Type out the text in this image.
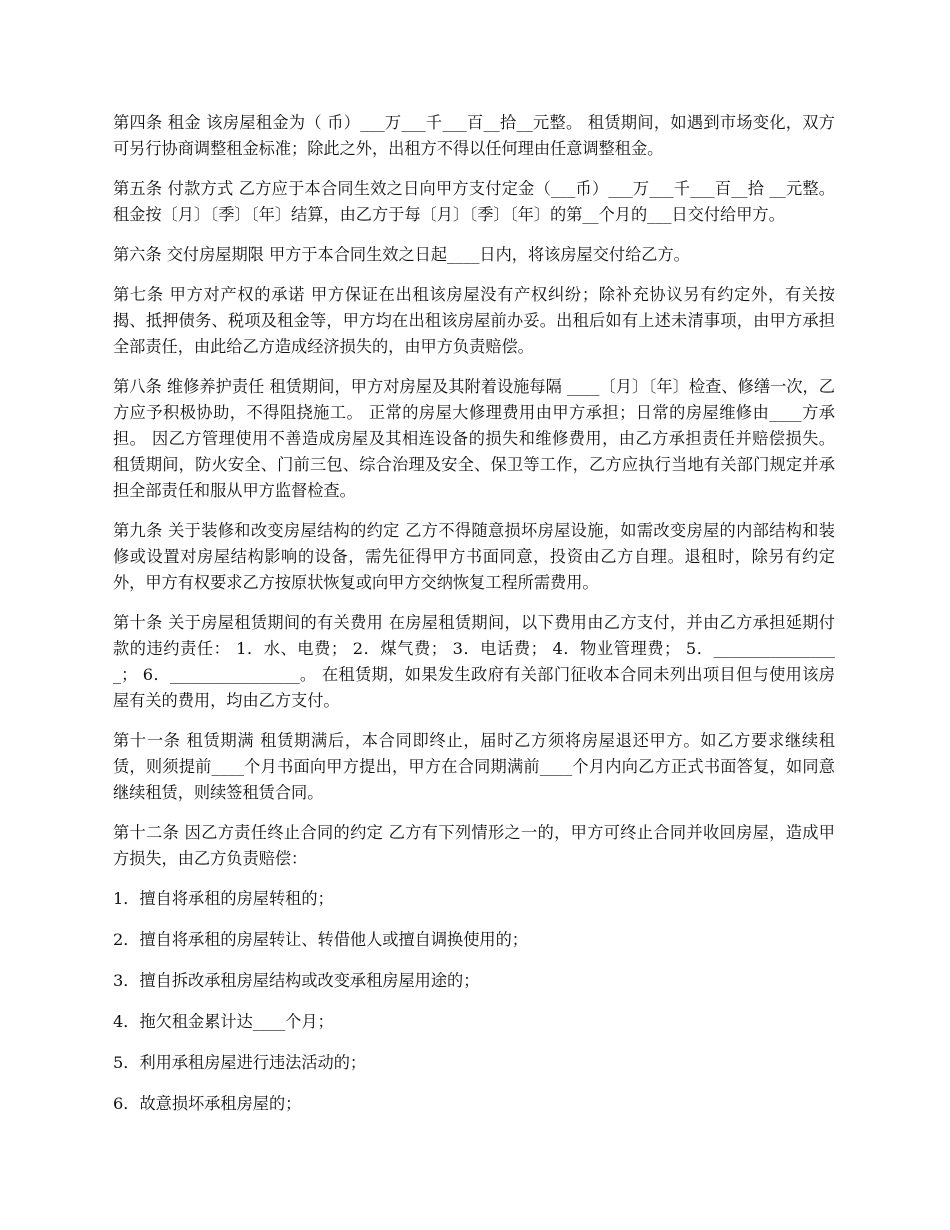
第四条 租金 该房屋租金为（ 币）___万___千___百__拾__元整。 租赁期间，如遇到市场变化，双方可另行协商调整租金标准；除此之外，出租方不得以任何理由任意调整租金。

第五条 付款方式 乙方应于本合同生效之日向甲方支付定金（___币）___万___千___百__拾 __元整。租金按〔月〕〔季〕〔年〕结算，由乙方于每〔月〕〔季〕〔年〕的第__个月的___日交付给甲方。

第六条 交付房屋期限 甲方于本合同生效之日起____日内，将该房屋交付给乙方。

第七条 甲方对产权的承诺 甲方保证在出租该房屋没有产权纠纷；除补充协议另有约定外，有关按揭、抵押债务、税项及租金等，甲方均在出租该房屋前办妥。出租后如有上述未清事项，由甲方承担全部责任，由此给乙方造成经济损失的，由甲方负责赔偿。

第八条 维修养护责任 租赁期间，甲方对房屋及其附着设施每隔 ____〔月〕〔年〕检查、修缮一次，乙方应予积极协助，不得阻挠施工。 正常的房屋大修理费用由甲方承担；日常的房屋维修由____方承担。 因乙方管理使用不善造成房屋及其相连设备的损失和维修费用，由乙方承担责任并赔偿损失。 租赁期间，防火安全、门前三包、综合治理及安全、保卫等工作，乙方应执行当地有关部门规定并承担全部责任和服从甲方监督检查。

第九条 关于装修和改变房屋结构的约定 乙方不得随意损坏房屋设施，如需改变房屋的内部结构和装修或设置对房屋结构影响的设备，需先征得甲方书面同意，投资由乙方自理。退租时，除另有约定外，甲方有权要求乙方按原状恢复或向甲方交纳恢复工程所需费用。

第十条 关于房屋租赁期间的有关费用 在房屋租赁期间，以下费用由乙方支付，并由乙方承担延期付款的违约责任： 1．水、电费； 2．煤气费； 3．电话费； 4．物业管理费； 5．________________； 6．________________。 在租赁期，如果发生政府有关部门征收本合同未列出项目但与使用该房屋有关的费用，均由乙方支付。

第十一条 租赁期满 租赁期满后，本合同即终止，届时乙方须将房屋退还甲方。如乙方要求继续租赁，则须提前____个月书面向甲方提出，甲方在合同期满前____个月内向乙方正式书面答复，如同意继续租赁，则续签租赁合同。

第十二条 因乙方责任终止合同的约定 乙方有下列情形之一的，甲方可终止合同并收回房屋，造成甲方损失，由乙方负责赔偿：

1．擅自将承租的房屋转租的；

2．擅自将承租的房屋转让、转借他人或擅自调换使用的；

3．擅自拆改承租房屋结构或改变承租房屋用途的；

4．拖欠租金累计达____个月；

5．利用承租房屋进行违法活动的；

6．故意损坏承租房屋的；
